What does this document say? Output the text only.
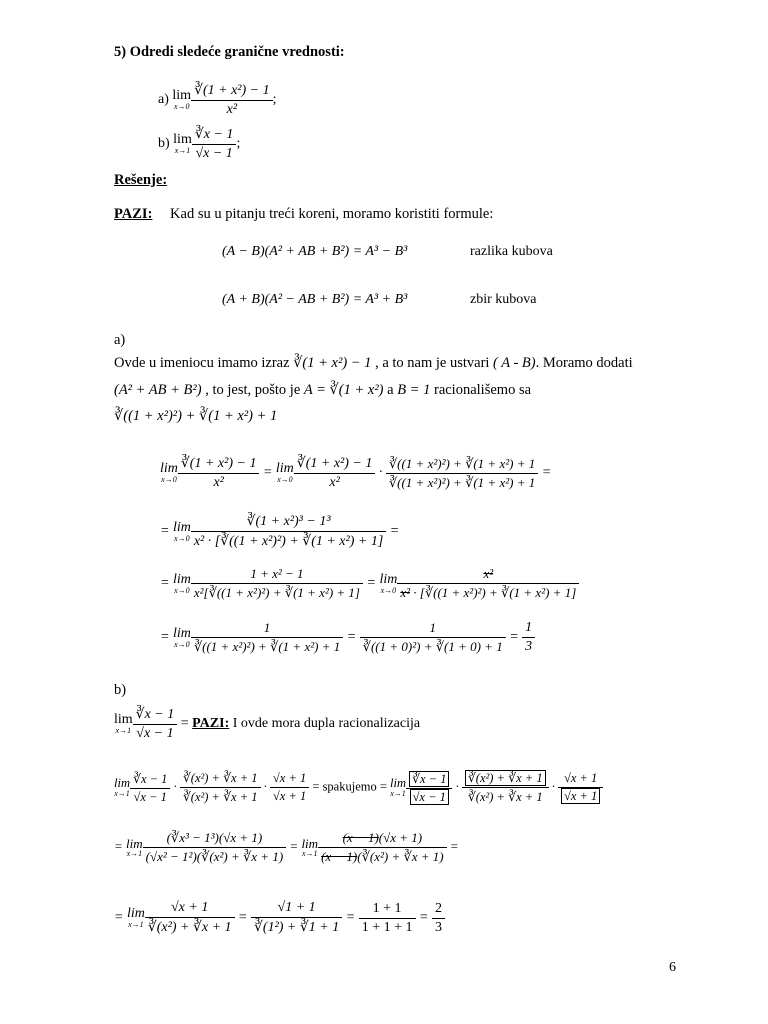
5) Odredi sledeće granične vrednosti:
a) lim
$x\to 0 \frac{\text{∛(1 + x²) − 1}}{\text{x²}}$ ;
b) lim
$x\to 1 \frac{∛x - 1}{√x - 1}$ ;
Rešenje:
PAZI: Kad su u pitanju treći koreni, moramo koristiti formule:
(A − B)(A² + AB + B²) = A³ − B³	razlika kubova
(A + B)(A² − AB + B²) = A³ + B³	zbir kubova
a)
Ovde u imeniocu imamo izraz ∛(1 + x²) − 1 , a to nam je ustvari ( A - B). Moramo dodati
(A² + AB + B²) , to jest, pošto je A = ∛(1 + x²) a B = 1 racionališemo sa
∛((1 + x²)²) + ∛(1 + x²) + 1
lim
$x\to 0 \frac{\text{∛(1 + x²) − 1}}{\text{x²}} = \lim$
$x\to 0 \frac{\text{∛(1 + x²) − 1}}{\text{x²}} \cdot \frac{\text{∛((1 + x²)²) + ∛(1 + x²) + 1}}{\text{∛((1 + x²)²) + ∛(1 + x²) + 1}}$ =
= lim
$x\to 0 \frac{\text{∛(1 + x²)³ − 1³}}{\text{x² · [∛((1 + x²)²) + ∛(1 + x²) + 1]}}$ =
= lim
$x\to 0 \frac{\text{1 + x² − 1}}{\text{x²[∛((1 + x²)²) + ∛(1 + x²) + 1]}} = \lim$
$x\to 0 \frac{\text{x²}}{\text{x² · [∛((1 + x²)²) + ∛(1 + x²) + 1]}}$
= lim
$x\to 0 \frac{1}{\text{∛((1 + x²)²) + ∛(1 + x²) + 1}} = \frac{1}{\text{∛((1 + 0)²) + ∛(1 + 0) + 1}} = \frac{1}{3}$
b)
lim
$x\to 1 \frac{∛x - 1}{√x - 1}$ = PAZI: I ovde mora dupla racionalizacija
lim
$x\to 1 \frac{∛x - 1}{√x - 1} \cdot \frac{\text{∛(x²) + ∛x + 1}}{\text{∛(x²) + ∛x + 1}} \cdot \frac{√x + 1}{√x + 1}$ = spakujemo = lim
$x\to 1 \frac{∛x - 1}{√x - 1} \cdot \frac{\text{∛(x²) + ∛x + 1}}{\text{∛(x²) + ∛x + 1}} \cdot \frac{√x + 1}{√x + 1}$
= lim
$x\to 1 \frac{\text{(∛x³ − 1³)(√x + 1)}}{\text{(√x² − 1²)(∛(x²) + ∛x + 1)}} = \lim$
$x\to 1 \frac{(x - 1)(√x + 1)}{\text{(x − 1)(∛(x²) + ∛x + 1)}}$ =
= lim
$x\to 1 \frac{√x + 1}{\text{∛(x²) + ∛x + 1}} = \frac{√1 + 1}{\text{∛(1²) + ∛1 + 1}} = \frac{1 + 1}{1 + 1 + 1} = \frac{2}{3}$
6
